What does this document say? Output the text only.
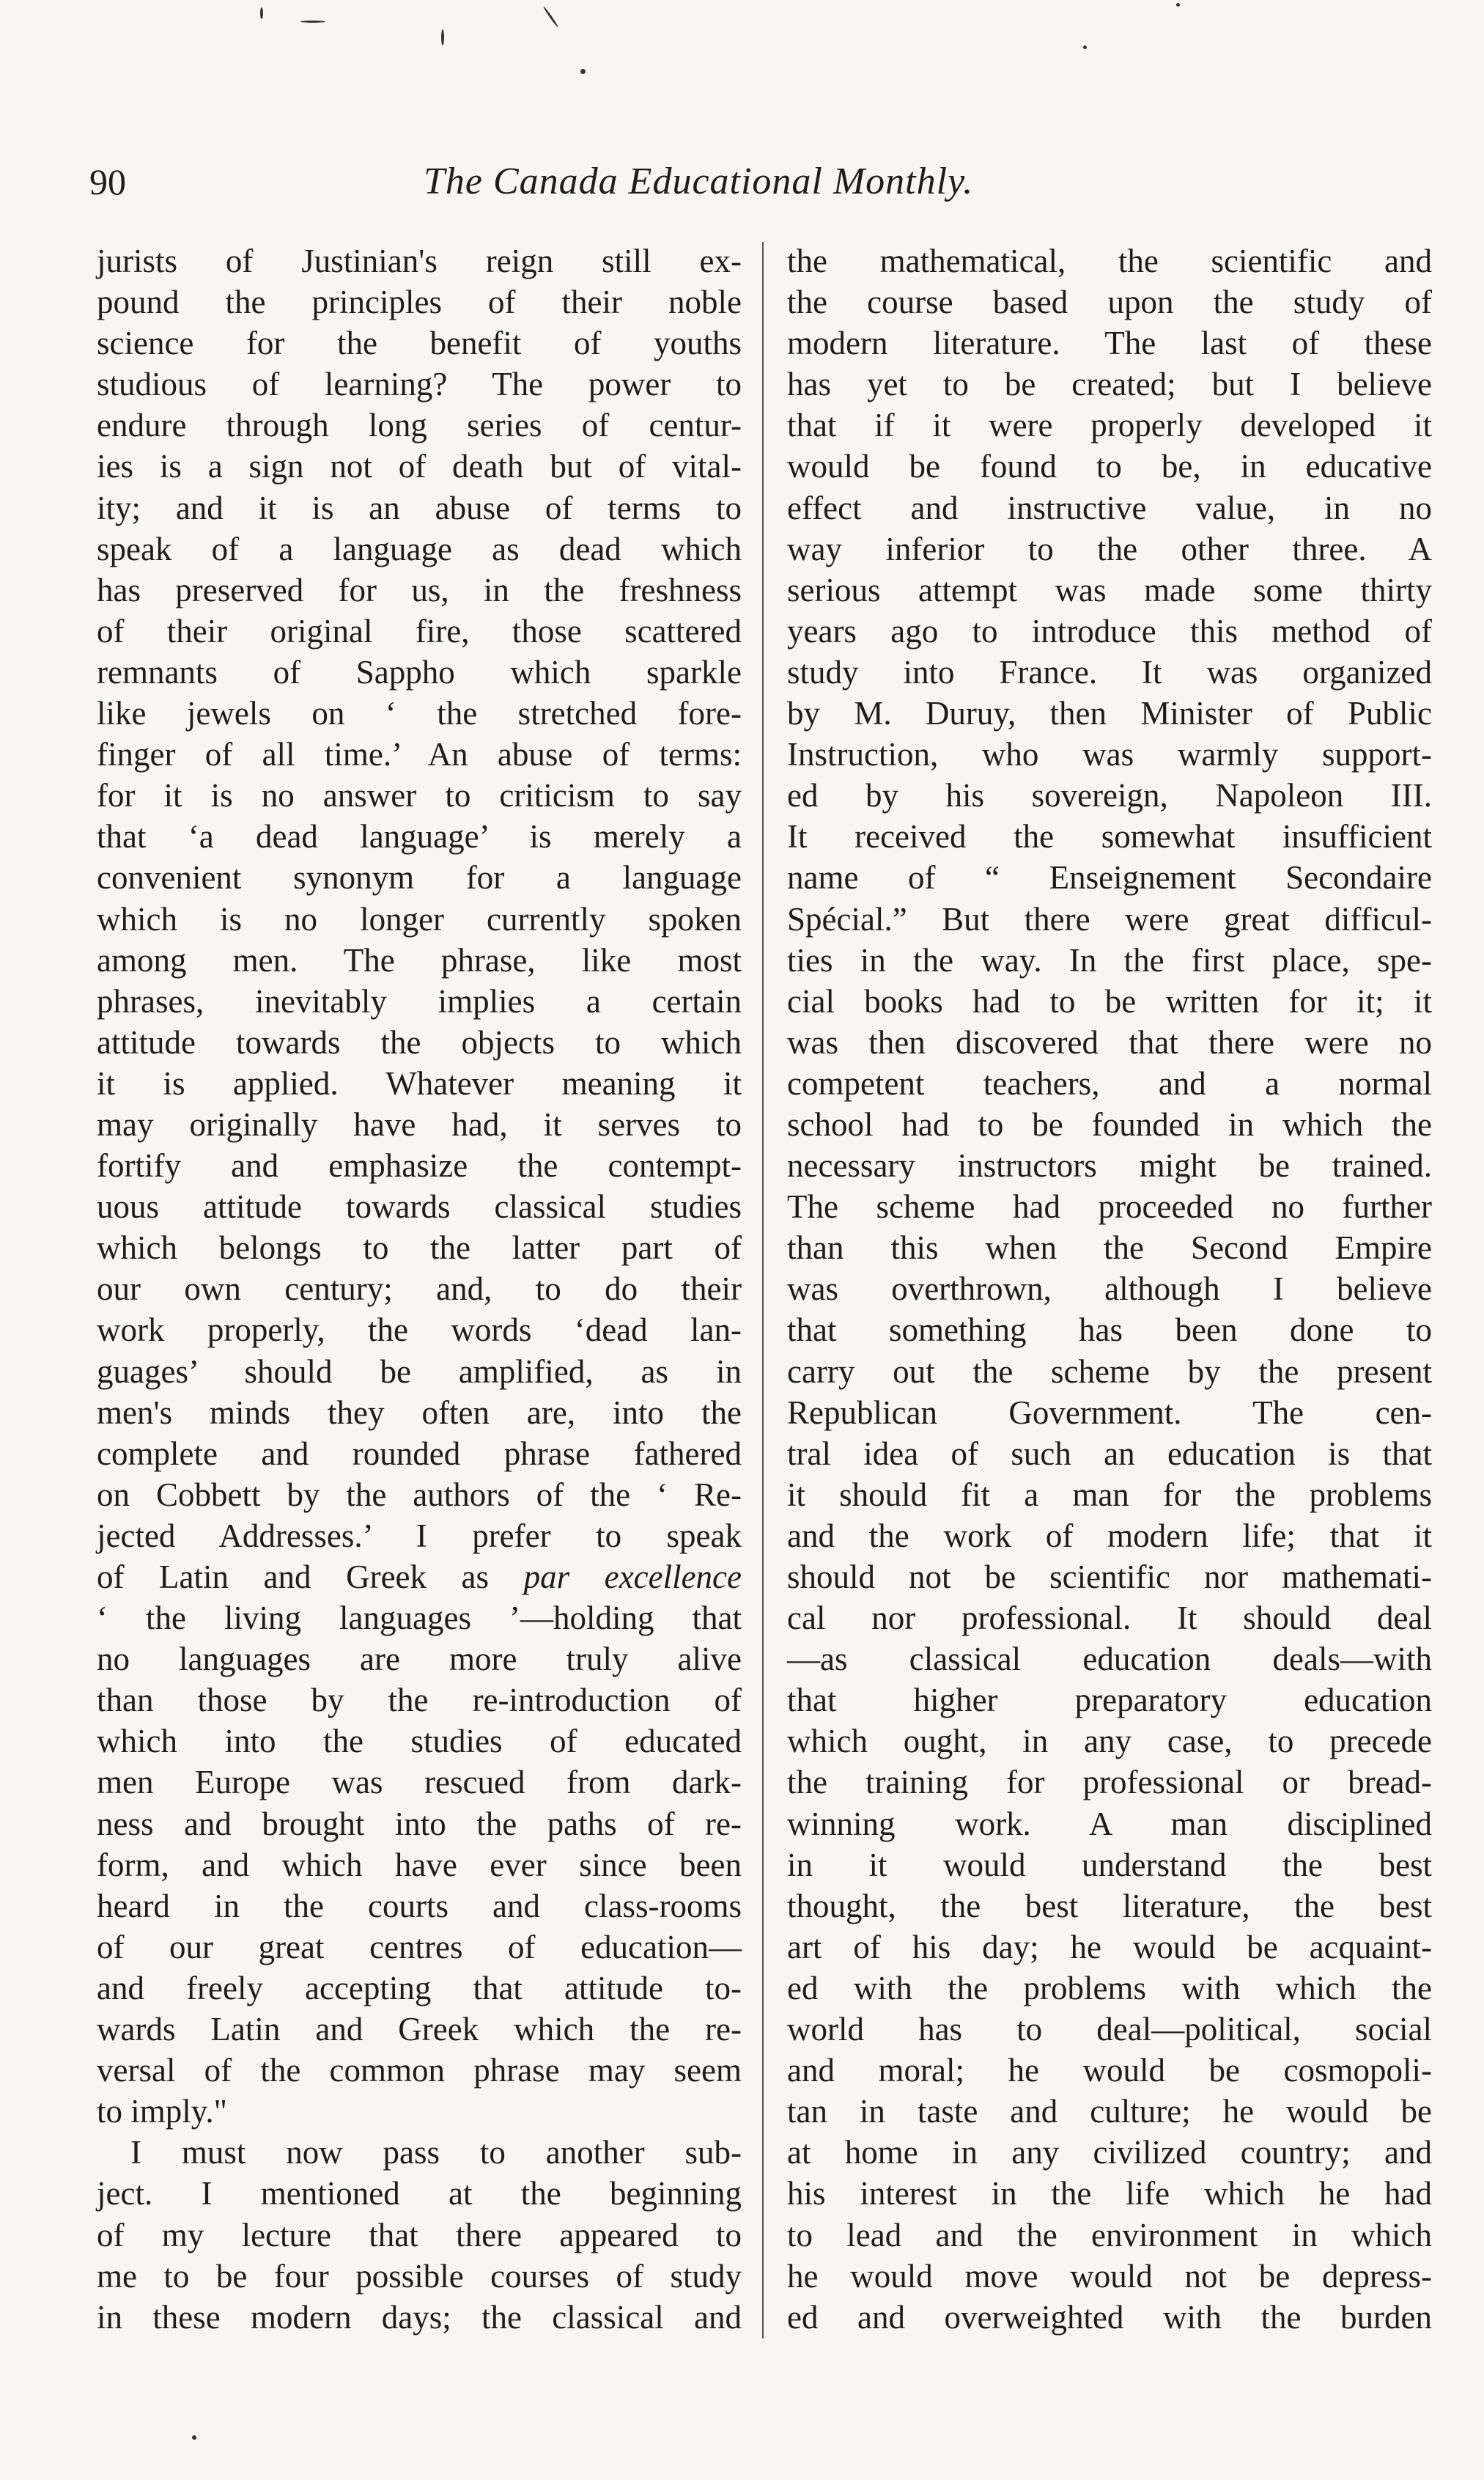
90	The Canada Educational Monthly.
jurists of Justinian's reign still ex-
pound the principles of their noble
science for the benefit of youths
studious of learning? The power to
endure through long series of centur-
ies is a sign not of death but of vital-
ity; and it is an abuse of terms to
speak of a language as dead which
has preserved for us, in the freshness
of their original fire, those scattered
remnants of Sappho which sparkle
like jewels on ‘ the stretched fore-
finger of all time.’ An abuse of terms:
for it is no answer to criticism to say
that ‘a dead language’ is merely a
convenient synonym for a language
which is no longer currently spoken
among men. The phrase, like most
phrases, inevitably implies a certain
attitude towards the objects to which
it is applied. Whatever meaning it
may originally have had, it serves to
fortify and emphasize the contempt-
uous attitude towards classical studies
which belongs to the latter part of
our own century; and, to do their
work properly, the words ‘dead lan-
guages’ should be amplified, as in
men's minds they often are, into the
complete and rounded phrase fathered
on Cobbett by the authors of the ‘ Re-
jected Addresses.’ I prefer to speak
of Latin and Greek as par excellence
‘ the living languages ’—holding that
no languages are more truly alive
than those by the re-introduction of
which into the studies of educated
men Europe was rescued from dark-
ness and brought into the paths of re-
form, and which have ever since been
heard in the courts and class-rooms
of our great centres of education—
and freely accepting that attitude to-
wards Latin and Greek which the re-
versal of the common phrase may seem
to imply."
I must now pass to another sub-
ject. I mentioned at the beginning
of my lecture that there appeared to
me to be four possible courses of study
in these modern days; the classical and
the mathematical, the scientific and
the course based upon the study of
modern literature. The last of these
has yet to be created; but I believe
that if it were properly developed it
would be found to be, in educative
effect and instructive value, in no
way inferior to the other three. A
serious attempt was made some thirty
years ago to introduce this method of
study into France. It was organized
by M. Duruy, then Minister of Public
Instruction, who was warmly support-
ed by his sovereign, Napoleon III.
It received the somewhat insufficient
name of “ Enseignement Secondaire
Spécial.” But there were great difficul-
ties in the way. In the first place, spe-
cial books had to be written for it; it
was then discovered that there were no
competent teachers, and a normal
school had to be founded in which the
necessary instructors might be trained.
The scheme had proceeded no further
than this when the Second Empire
was overthrown, although I believe
that something has been done to
carry out the scheme by the present
Republican Government. The cen-
tral idea of such an education is that
it should fit a man for the problems
and the work of modern life; that it
should not be scientific nor mathemati-
cal nor professional. It should deal
—as classical education deals—with
that higher preparatory education
which ought, in any case, to precede
the training for professional or bread-
winning work. A man disciplined
in it would understand the best
thought, the best literature, the best
art of his day; he would be acquaint-
ed with the problems with which the
world has to deal—political, social
and moral; he would be cosmopoli-
tan in taste and culture; he would be
at home in any civilized country; and
his interest in the life which he had
to lead and the environment in which
he would move would not be depress-
ed and overweighted with the burden
